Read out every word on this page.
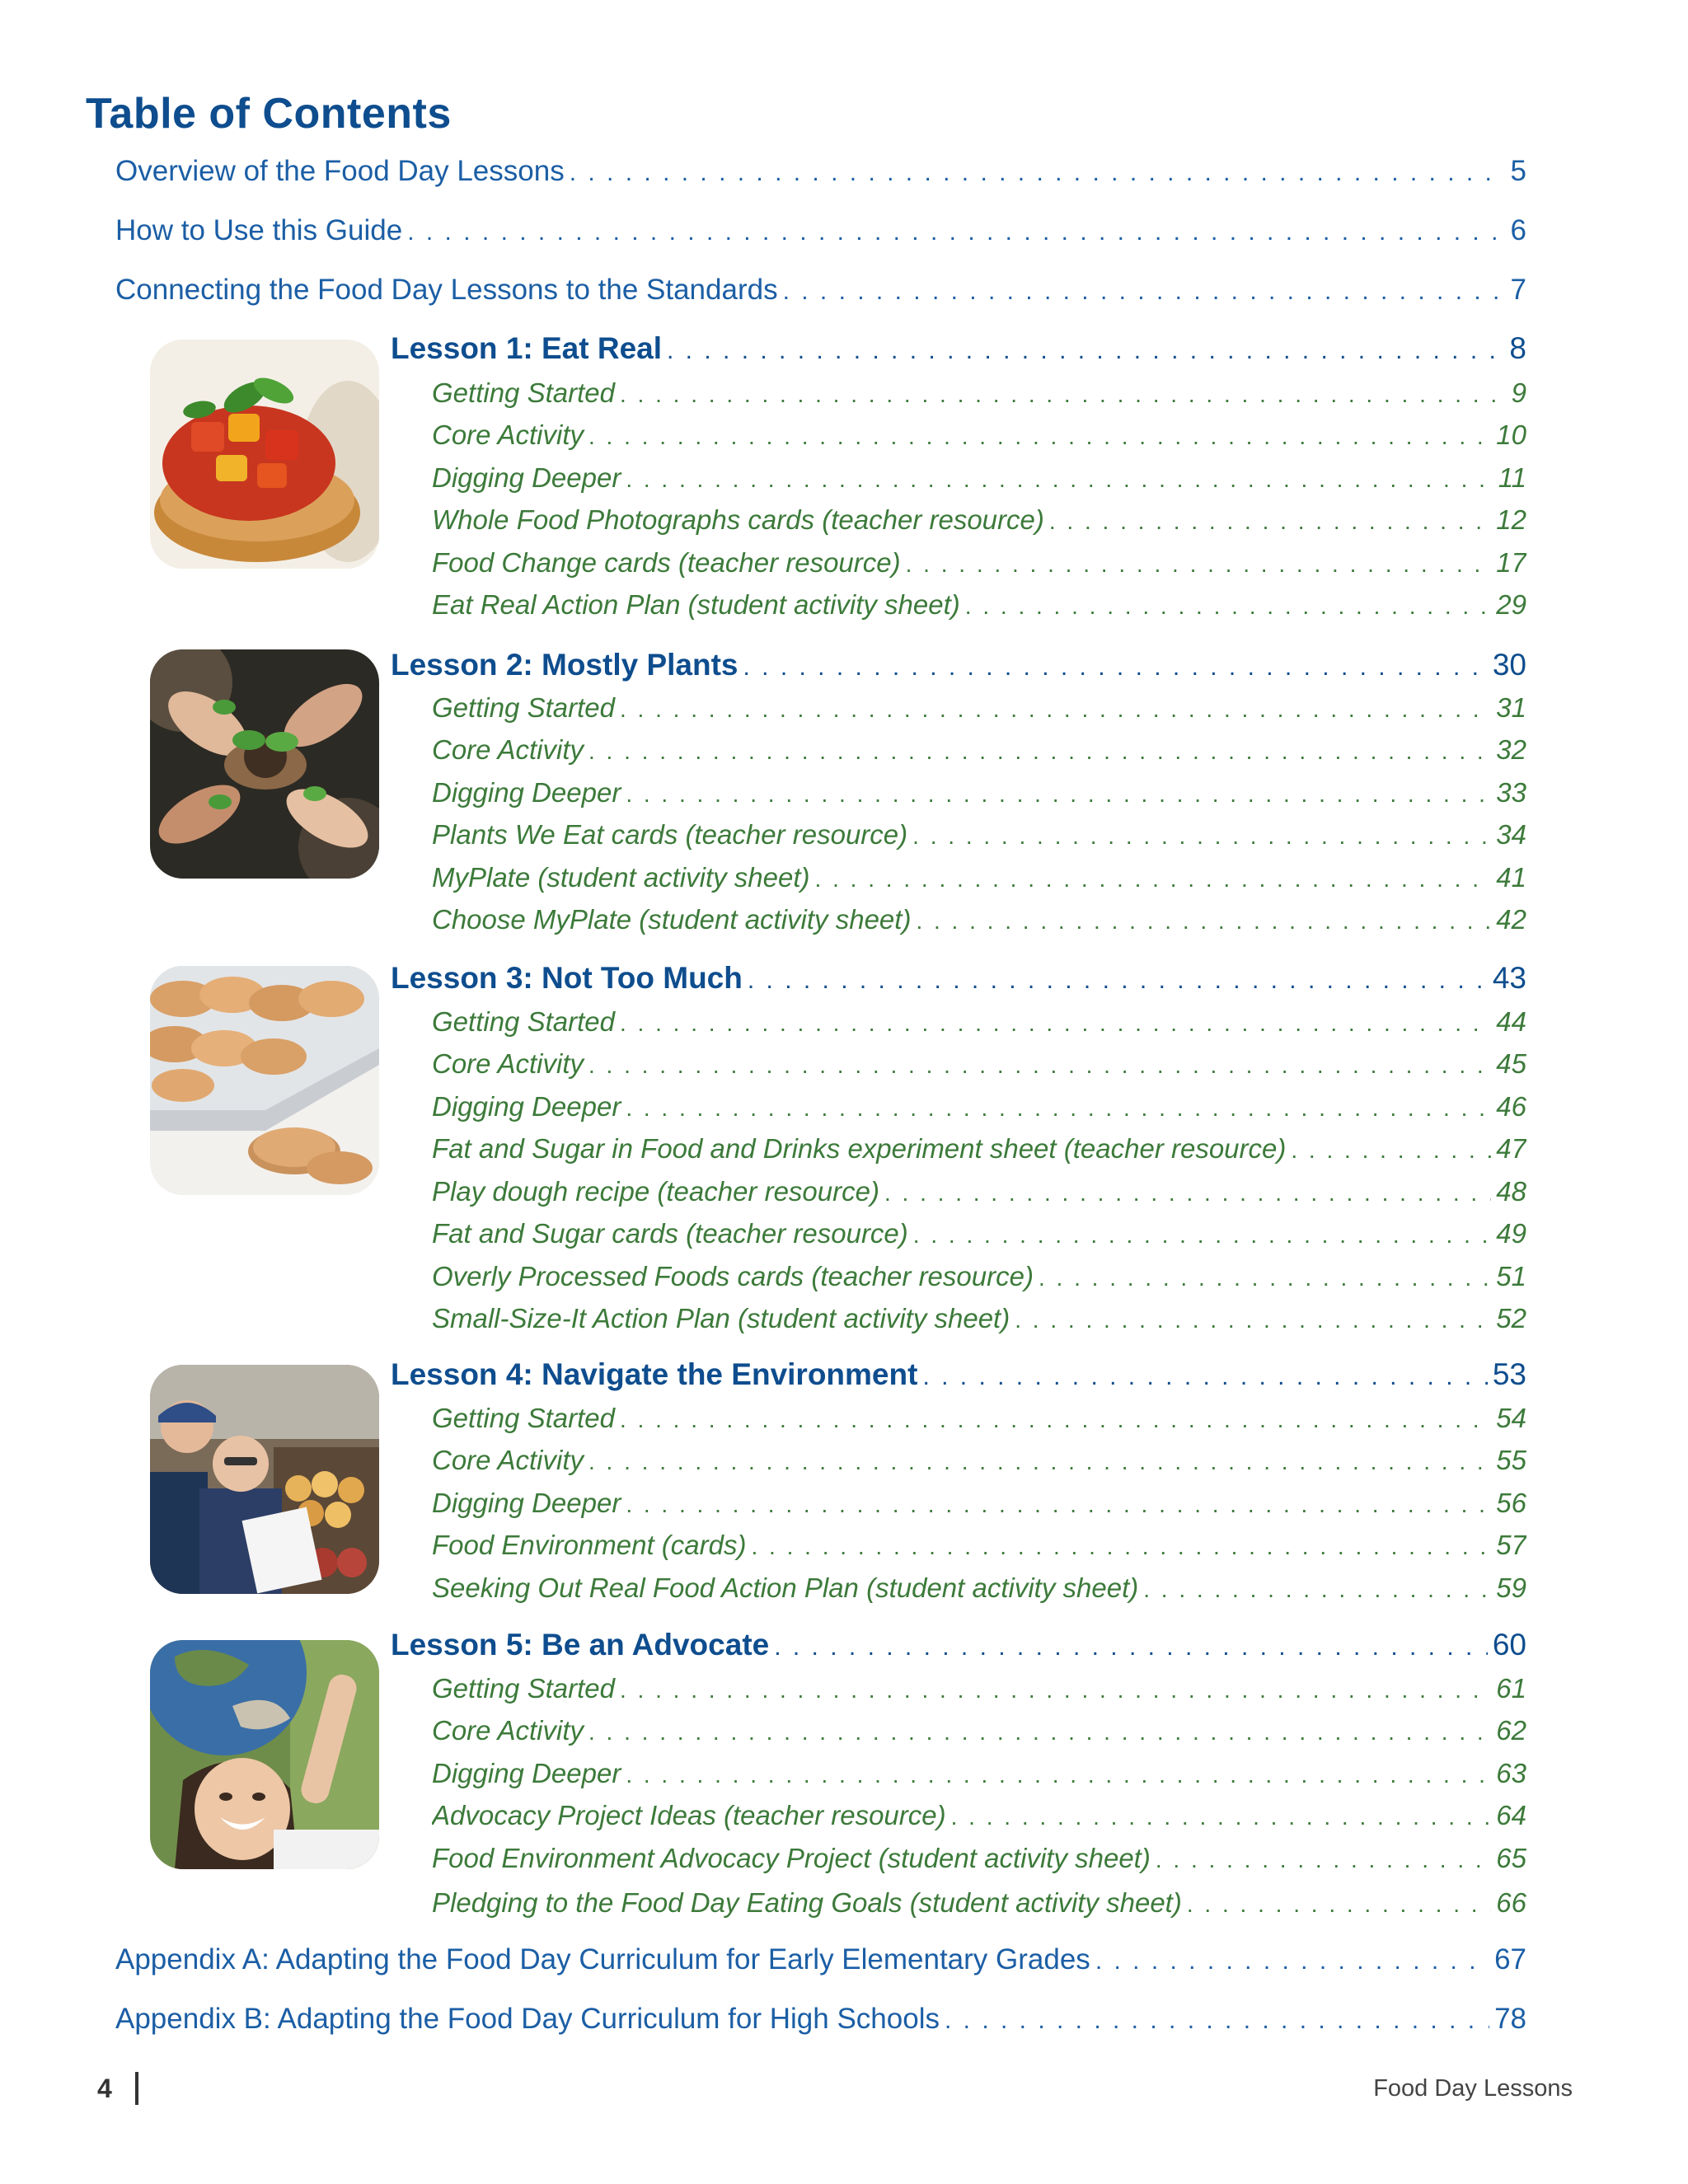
Table of Contents
Overview of the Food Day Lessons . . .	5
How to Use this Guide . . .	6
Connecting the Food Day Lessons to the Standards . . .	7
Lesson 1: Eat Real . . .	8
Getting Started . . .	9
Core Activity . . .	10
Digging Deeper . . .	11
Whole Food Photographs cards (teacher resource) . . .	12
Food Change cards (teacher resource) . . .	17
Eat Real Action Plan (student activity sheet) . . .	29
Lesson 2: Mostly Plants . . .	30
Getting Started . . .	31
Core Activity . . .	32
Digging Deeper . . .	33
Plants We Eat cards (teacher resource) . . .	34
MyPlate (student activity sheet) . . .	41
Choose MyPlate (student activity sheet) . . .	42
Lesson 3: Not Too Much . . .	43
Getting Started . . .	44
Core Activity . . .	45
Digging Deeper . . .	46
Fat and Sugar in Food and Drinks experiment sheet (teacher resource) . . .	47
Play dough recipe (teacher resource) . . .	48
Fat and Sugar cards (teacher resource) . . .	49
Overly Processed Foods cards (teacher resource) . . .	51
Small-Size-It Action Plan (student activity sheet) . . .	52
Lesson 4: Navigate the Environment . . .	53
Getting Started . . .	54
Core Activity . . .	55
Digging Deeper . . .	56
Food Environment (cards) . . .	57
Seeking Out Real Food Action Plan (student activity sheet) . . .	59
Lesson 5: Be an Advocate . . .	60
Getting Started . . .	61
Core Activity . . .	62
Digging Deeper . . .	63
Advocacy Project Ideas (teacher resource) . . .	64
Food Environment Advocacy Project (student activity sheet) . . .	65
Pledging to the Food Day Eating Goals (student activity sheet) . . .	66
Appendix A: Adapting the Food Day Curriculum for Early Elementary Grades . . .	67
Appendix B: Adapting the Food Day Curriculum for High Schools . . .	78
4	Food Day Lessons
